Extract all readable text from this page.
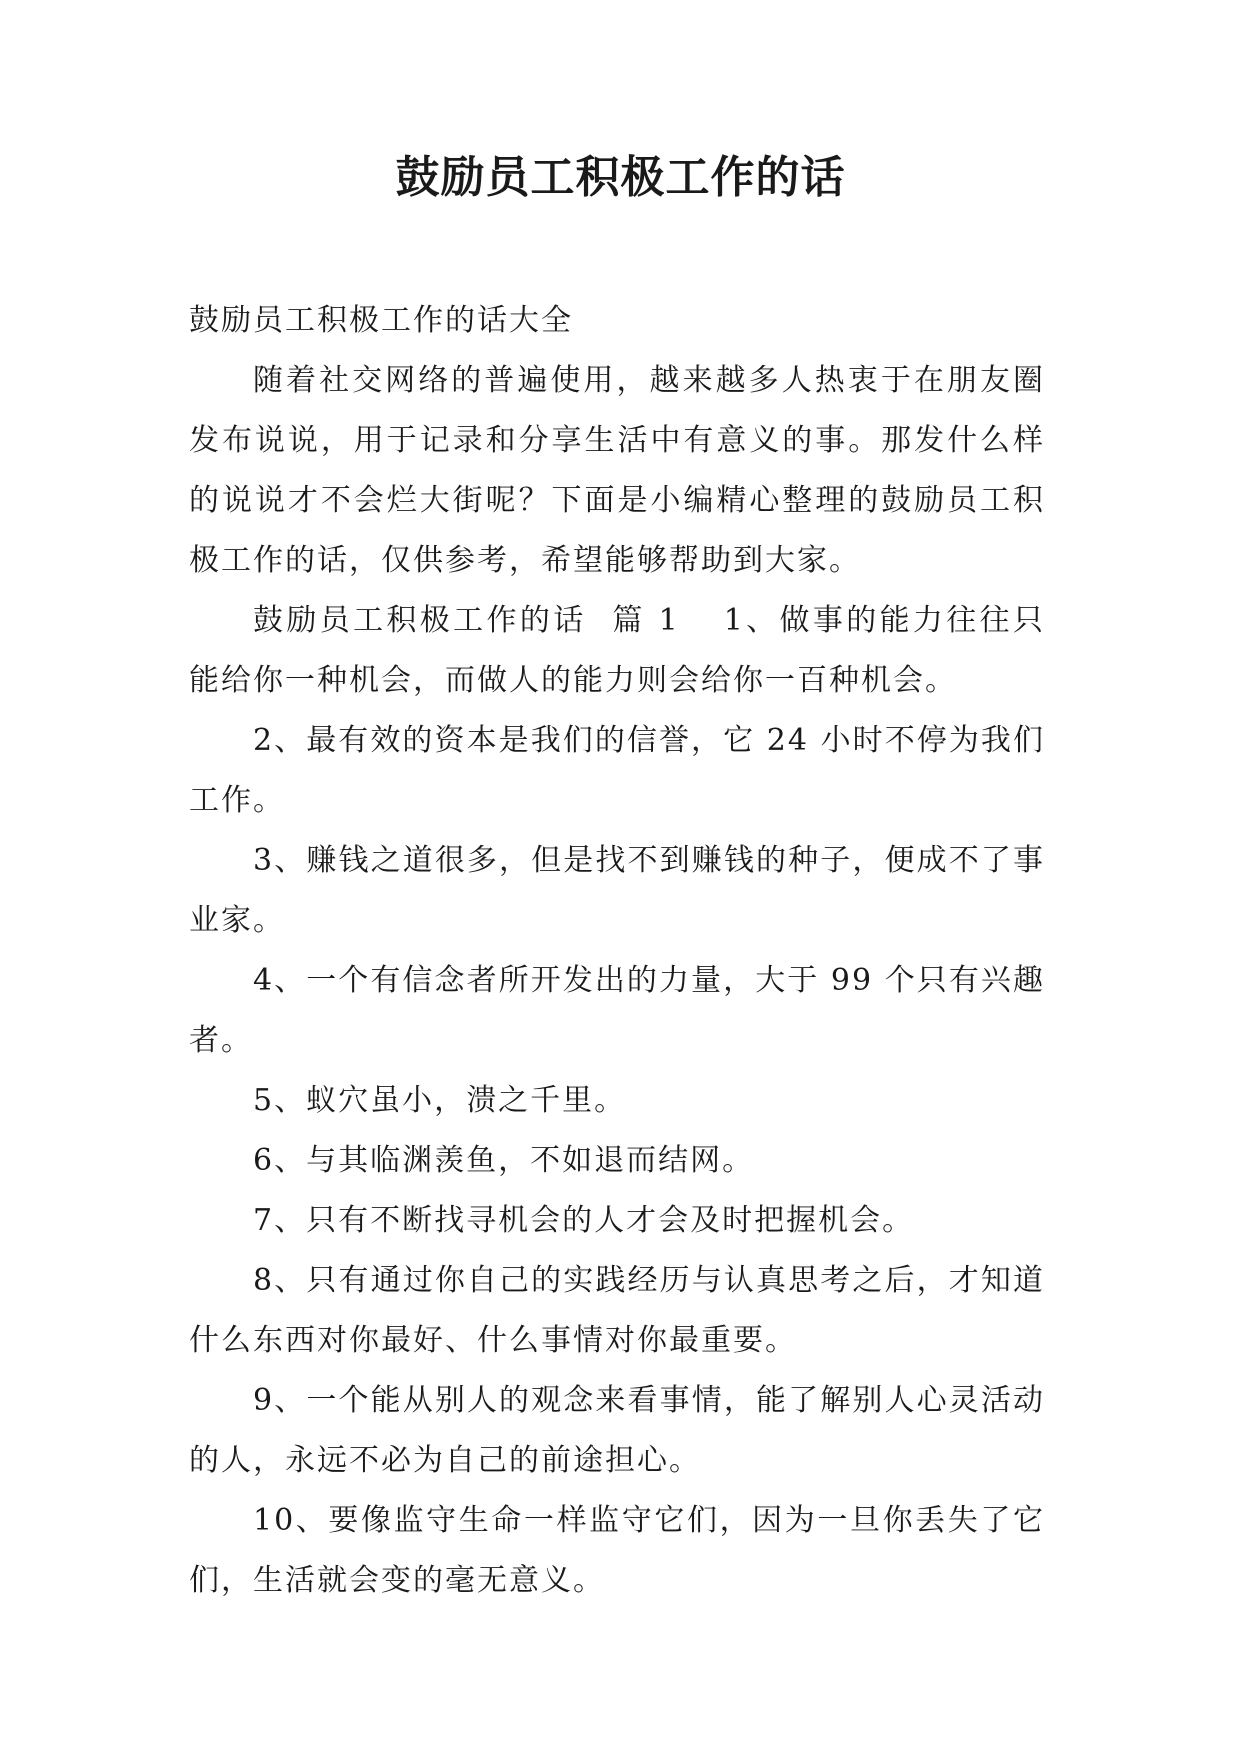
鼓励员工积极工作的话

鼓励员工积极工作的话大全

随着社交网络的普遍使用，越来越多人热衷于在朋友圈发布说说，用于记录和分享生活中有意义的事。那发什么样的说说才不会烂大街呢？下面是小编精心整理的鼓励员工积极工作的话，仅供参考，希望能够帮助到大家。

鼓励员工积极工作的话  篇 1 1、做事的能力往往只能给你一种机会，而做人的能力则会给你一百种机会。

2、最有效的资本是我们的信誉，它 24 小时不停为我们工作。

3、赚钱之道很多，但是找不到赚钱的种子，便成不了事业家。

4、一个有信念者所开发出的力量，大于 99 个只有兴趣者。

5、蚁穴虽小，溃之千里。

6、与其临渊羡鱼，不如退而结网。

7、只有不断找寻机会的人才会及时把握机会。

8、只有通过你自己的实践经历与认真思考之后，才知道什么东西对你最好、什么事情对你最重要。

9、一个能从别人的观念来看事情，能了解别人心灵活动的人，永远不必为自己的前途担心。

10、要像监守生命一样监守它们，因为一旦你丢失了它们，生活就会变的毫无意义。
